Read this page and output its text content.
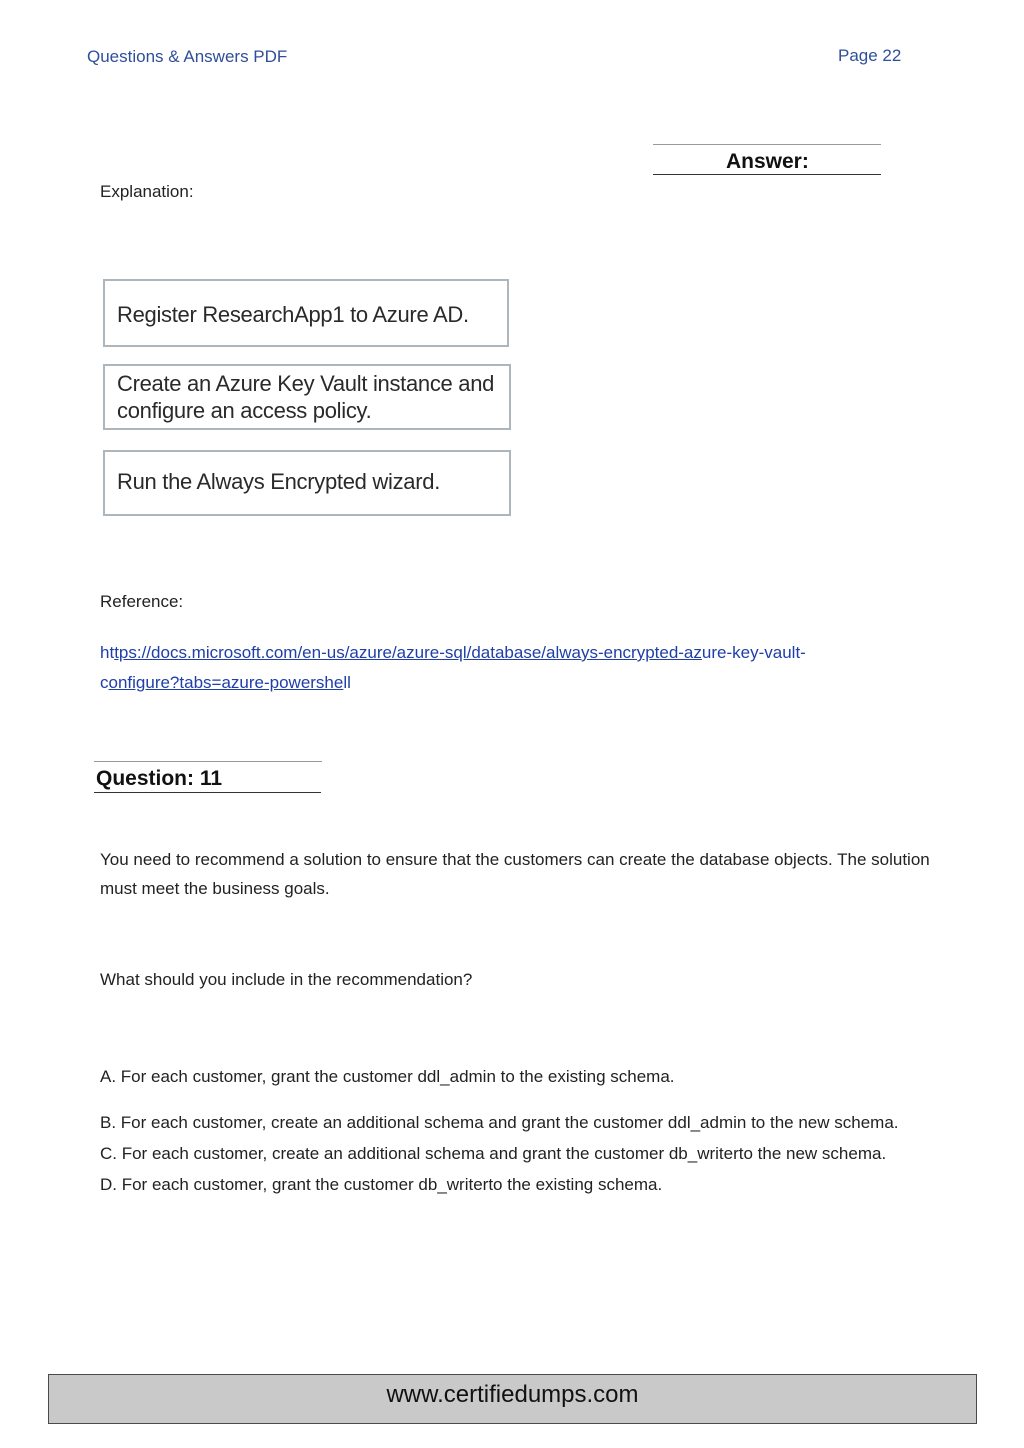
Questions & Answers PDF	Page 22
Answer:
Explanation:
Register ResearchApp1 to Azure AD.
Create an Azure Key Vault instance and configure an access policy.
Run the Always Encrypted wizard.
Reference:
https://docs.microsoft.com/en-us/azure/azure-sql/database/always-encrypted-azure-key-vault-
configure?tabs=azure-powershell
Question: 11
You need to recommend a solution to ensure that the customers can create the database objects. The solution must meet the business goals.
What should you include in the recommendation?
A. For each customer, grant the customer ddl_admin to the existing schema.
B. For each customer, create an additional schema and grant the customer ddl_admin to the new schema.
C. For each customer, create an additional schema and grant the customer db_writerto the new schema.
D. For each customer, grant the customer db_writerto the existing schema.
www.certifiedumps.com
